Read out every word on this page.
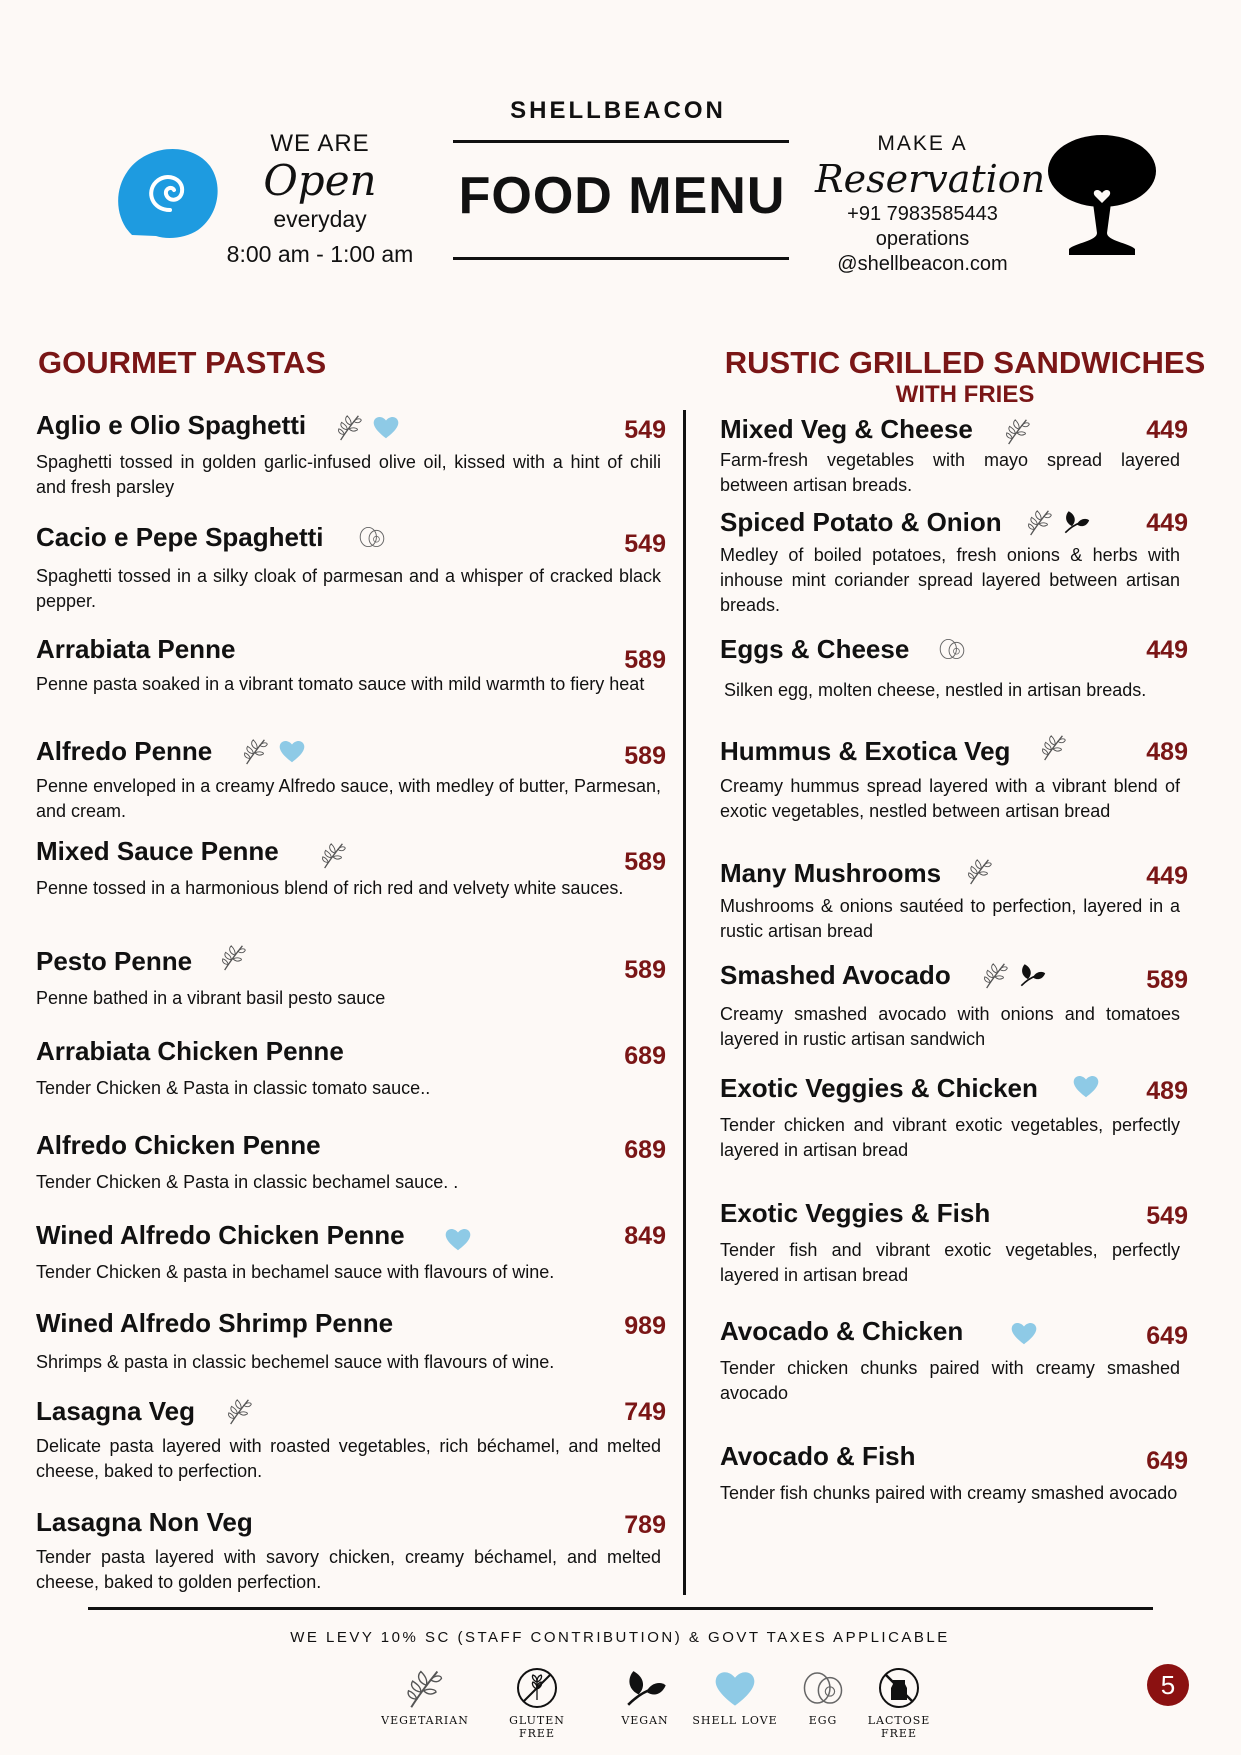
WE ARE
Open
everyday
8:00 am - 1:00 am
SHELLBEACON
FOOD MENU
MAKE A
Reservation
+91 7983585443
operations
@shellbeacon.com
GOURMET PASTAS	RUSTIC GRILLED SANDWICHES
WITH FRIES
Aglio e Olio Spaghetti	549
Spaghetti tossed in golden garlic-infused olive oil, kissed with a hint of chili and fresh parsley
Cacio e Pepe Spaghetti	549
Spaghetti tossed in a silky cloak of parmesan and a whisper of cracked black pepper.
Arrabiata Penne	589
Penne pasta soaked in a vibrant tomato sauce with mild warmth to fiery heat
Alfredo Penne	589
Penne enveloped in a creamy Alfredo sauce, with medley of butter, Parmesan, and cream.
Mixed Sauce Penne	589
Penne tossed in a harmonious blend of rich red and velvety white sauces.
Pesto Penne	589
Penne bathed in a vibrant basil pesto sauce
Arrabiata Chicken Penne	689
Tender Chicken & Pasta in classic tomato sauce..
Alfredo Chicken Penne	689
Tender Chicken & Pasta in classic bechamel sauce. .
Wined Alfredo Chicken Penne	849
Tender Chicken & pasta in bechamel sauce with flavours of wine.
Wined Alfredo Shrimp Penne	989
Shrimps & pasta in classic bechemel sauce with flavours of wine.
Lasagna Veg	749
Delicate pasta layered with roasted vegetables, rich béchamel, and melted cheese, baked to perfection.
Lasagna Non Veg	789
Tender pasta layered with savory chicken, creamy béchamel, and melted cheese, baked to golden perfection.
Mixed Veg & Cheese	449
Farm-fresh vegetables with mayo spread layered between artisan breads.
Spiced Potato & Onion	449
Medley of boiled potatoes, fresh onions & herbs with inhouse mint coriander spread layered between artisan breads.
Eggs & Cheese	449
Silken egg, molten cheese, nestled in artisan breads.
Hummus & Exotica Veg	489
Creamy hummus spread layered with a vibrant blend of exotic vegetables, nestled between artisan bread
Many Mushrooms	449
Mushrooms & onions sautéed to perfection, layered in a rustic artisan bread
Smashed Avocado	589
Creamy smashed avocado with onions and tomatoes layered in rustic artisan sandwich
Exotic Veggies & Chicken	489
Tender chicken and vibrant exotic vegetables, perfectly layered in artisan bread
Exotic Veggies & Fish	549
Tender fish and vibrant exotic vegetables, perfectly layered in artisan bread
Avocado & Chicken	649
Tender chicken chunks paired with creamy smashed avocado
Avocado & Fish	649
Tender fish chunks paired with creamy smashed avocado
WE LEVY 10% SC (STAFF CONTRIBUTION) & GOVT TAXES APPLICABLE
VEGETARIAN	GLUTEN FREE
VEGAN	SHELL LOVE	EGG	LACTOSE FREE
5
